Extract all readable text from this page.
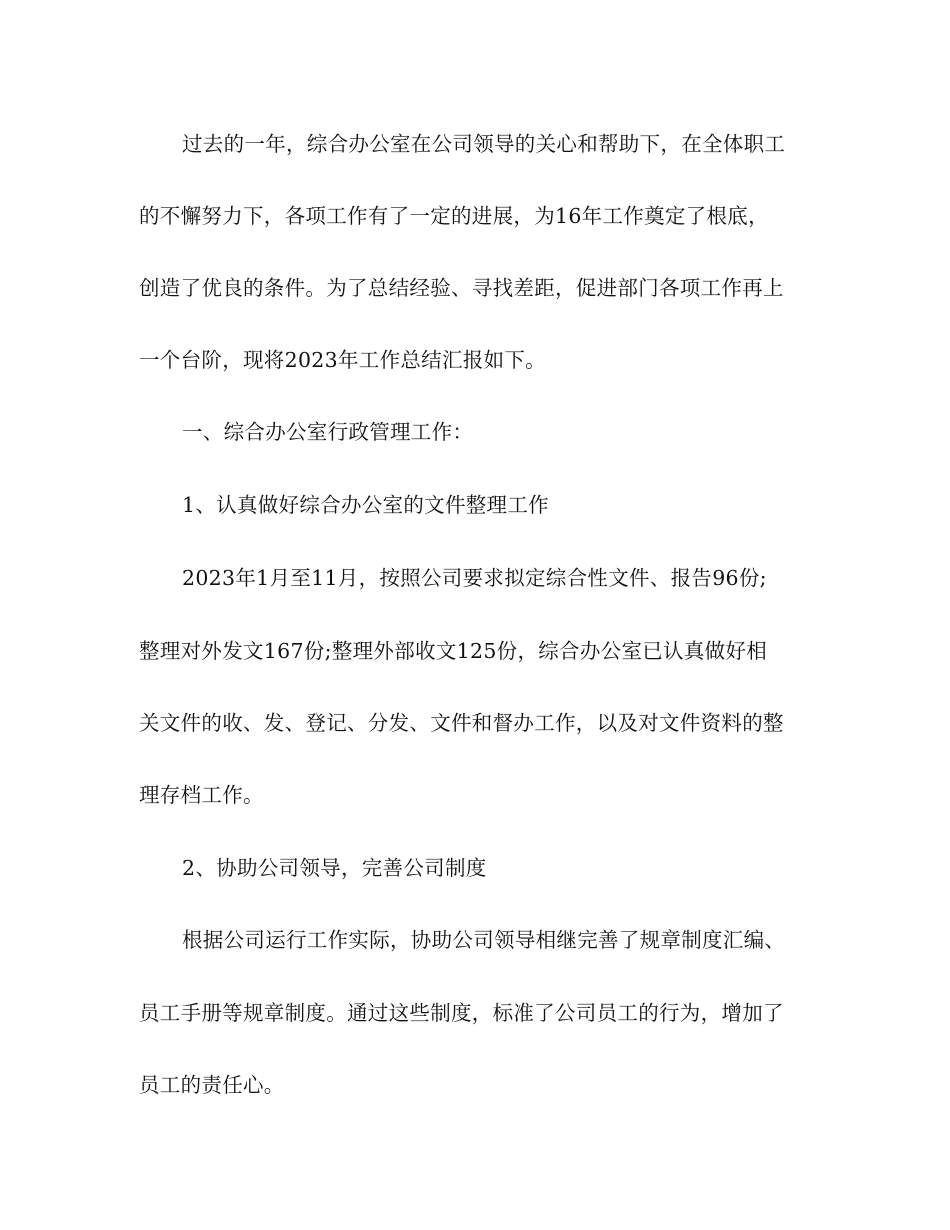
过去的一年，综合办公室在公司领导的关心和帮助下，在全体职工
的不懈努力下，各项工作有了一定的进展，为16年工作奠定了根底，
创造了优良的条件。为了总结经验、寻找差距，促进部门各项工作再上
一个台阶，现将2023年工作总结汇报如下。
一、综合办公室行政管理工作：
1、认真做好综合办公室的文件整理工作
2023年1月至11月，按照公司要求拟定综合性文件、报告96份;
整理对外发文167份;整理外部收文125份，综合办公室已认真做好相
关文件的收、发、登记、分发、文件和督办工作，以及对文件资料的整
理存档工作。
2、协助公司领导，完善公司制度
根据公司运行工作实际，协助公司领导相继完善了规章制度汇编、
员工手册等规章制度。通过这些制度，标准了公司员工的行为，增加了
员工的责任心。
